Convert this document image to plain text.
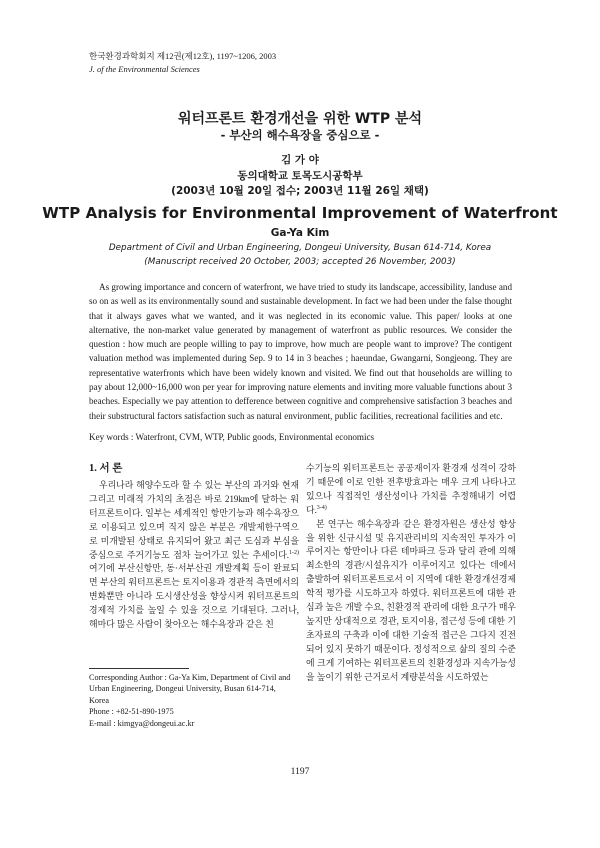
한국환경과학회지 제12권(제12호), 1197~1206, 2003
J. of the Environmental Sciences
워터프론트 환경개선을 위한 WTP 분석
- 부산의 해수욕장을 중심으로 -
김 가 야
동의대학교 토목도시공학부
(2003년 10월 20일 접수; 2003년 11월 26일 채택)
WTP Analysis for Environmental Improvement of Waterfront
Ga-Ya Kim
Department of Civil and Urban Engineering, Dongeui University, Busan 614-714, Korea
(Manuscript received 20 October, 2003; accepted 26 November, 2003)

As growing importance and concern of waterfront, we have tried to study its landscape, accessibility, landuse and so on as well as its environmentally sound and sustainable development. In fact we had been under the false thought that it always gaves what we wanted, and it was neglected in its economic value. This paper/ looks at one alternative, the non-market value generated by management of waterfront as public resources. We consider the question : how much are people willing to pay to improve, how much are people want to improve? The contigent valuation method was implemented during Sep. 9 to 14 in 3 beaches ; haeundae, Gwangarni, Songjeong. They are representative waterfronts which have been widely known and visited. We find out that households are willing to pay about 12,000~16,000 won per year for improving nature elements and inviting more valuable functions about 3 beaches. Especially we pay attention to defference between cognitive and comprehensive satisfaction 3 beaches and their substructural factors satisfaction such as natural environment, public facilities, recreational facilities and etc.

Key words : Waterfront, CVM, WTP, Public goods, Environmental economics
1. 서 론

우리나라 해양수도라 할 수 있는 부산의 과거와 현재 그리고 미래적 가치의 초점은 바로 219km에 달하는 워터프론트이다. 일부는 세계적인 항만기능과 해수욕장으로 이용되고 있으며 직지 않은 부분은 개발제한구역으로 미개발된 상태로 유지되어 왔고 최근 도심과 부심을 중심으로 주거기능도 점차 늘어가고 있는 추세이다.$^{1-2)}$ 여기에 부산신항만, 동·서부산권 개발계획 등이 완료되면 부산의 워터프론트는 토지이용과 경관적 측면에서의 변화뿐만 아니라 도시생산성을 향상시켜 워터프론트의 경제적 가치를 높일 수 있을 것으로 기대된다. 그러나, 해마다 많은 사람이 찾아오는 해수욕장과 같은 친

수기능의 워터프론트는 공공재이자 환경재 성격이 강하기 때문에 이로 인한 전후방효과는 매우 크게 나타나고 있으나 직접적인 생산성이나 가치를 추정해내기 어렵다.$^{3-4)}$

본 연구는 해수욕장과 같은 환경자원은 생산성 향상을 위한 신규시설 및 유지관리비의 지속적인 투자가 이루어지는 항만이나 다른 테마파크 등과 달리 관에 의해 최소한의 경관/시설유지가 이루어지고 있다는 데에서 출발하여 워터프론트로서 이 지역에 대한 환경개선경제학적 평가를 시도하고자 하였다. 워터프론트에 대한 관심과 높은 개발 수요, 친환경적 관리에 대한 요구가 매우 높지만 상대적으로 경관, 토지이용, 접근성 등에 대한 기초자료의 구축과 이에 대한 기술적 접근은 그다지 진전되어 있지 못하기 때문이다. 정성적으로 삶의 질의 수준에 크게 기여하는 워터프론트의 친환경성과 지속가능성을 높이기 위한 근거로서 계량분석을 시도하였는

Corresponding Author : Ga-Ya Kim, Department of Civil and Urban Engineering, Dongeui University, Busan 614-714, Korea
Phone : +82-51-890-1975
E-mail : kimgya@dongeui.ac.kr
1197
